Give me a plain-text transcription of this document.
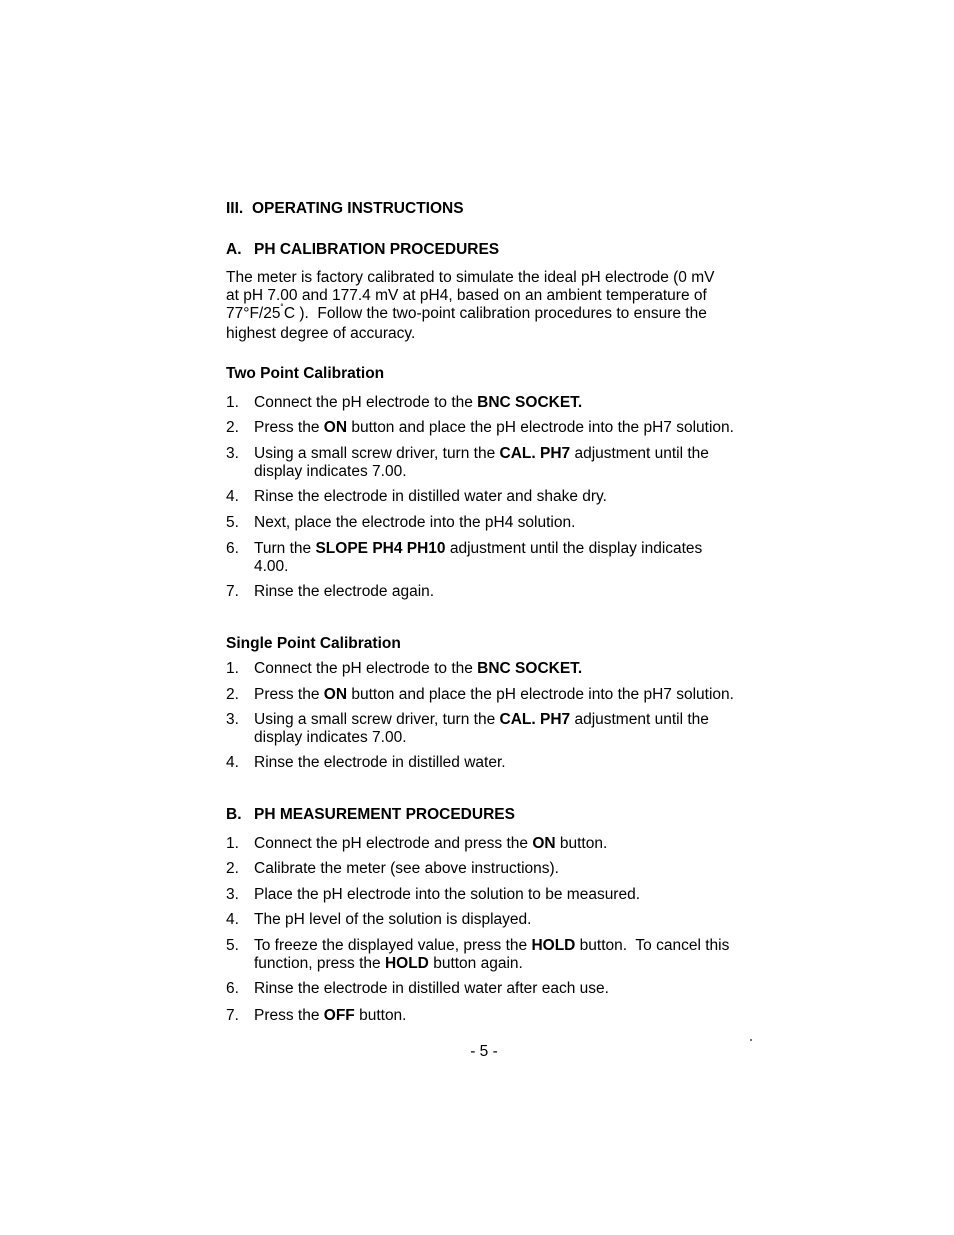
III. OPERATING INSTRUCTIONS
A. PH CALIBRATION PROCEDURES
The meter is factory calibrated to simulate the ideal pH electrode (0 mV
at pH 7.00 and 177.4 mV at pH4, based on an ambient temperature of
77°F/25˚C ).  Follow the two-point calibration procedures to ensure the
highest degree of accuracy.
Two Point Calibration
1. Connect the pH electrode to the BNC SOCKET.
2. Press the ON button and place the pH electrode into the pH7 solution.
3. Using a small screw driver, turn the CAL. PH7 adjustment until the
display indicates 7.00.
4. Rinse the electrode in distilled water and shake dry.
5. Next, place the electrode into the pH4 solution.
6. Turn the SLOPE PH4 PH10 adjustment until the display indicates
4.00.
7. Rinse the electrode again.
Single Point Calibration
1. Connect the pH electrode to the BNC SOCKET.
2. Press the ON button and place the pH electrode into the pH7 solution.
3. Using a small screw driver, turn the CAL. PH7 adjustment until the
display indicates 7.00.
4. Rinse the electrode in distilled water.
B. PH MEASUREMENT PROCEDURES
1. Connect the pH electrode and press the ON button.
2. Calibrate the meter (see above instructions).
3. Place the pH electrode into the solution to be measured.
4. The pH level of the solution is displayed.
5. To freeze the displayed value, press the HOLD button.  To cancel this
function, press the HOLD button again.
6. Rinse the electrode in distilled water after each use.
7. Press the OFF button.
- 5 -
